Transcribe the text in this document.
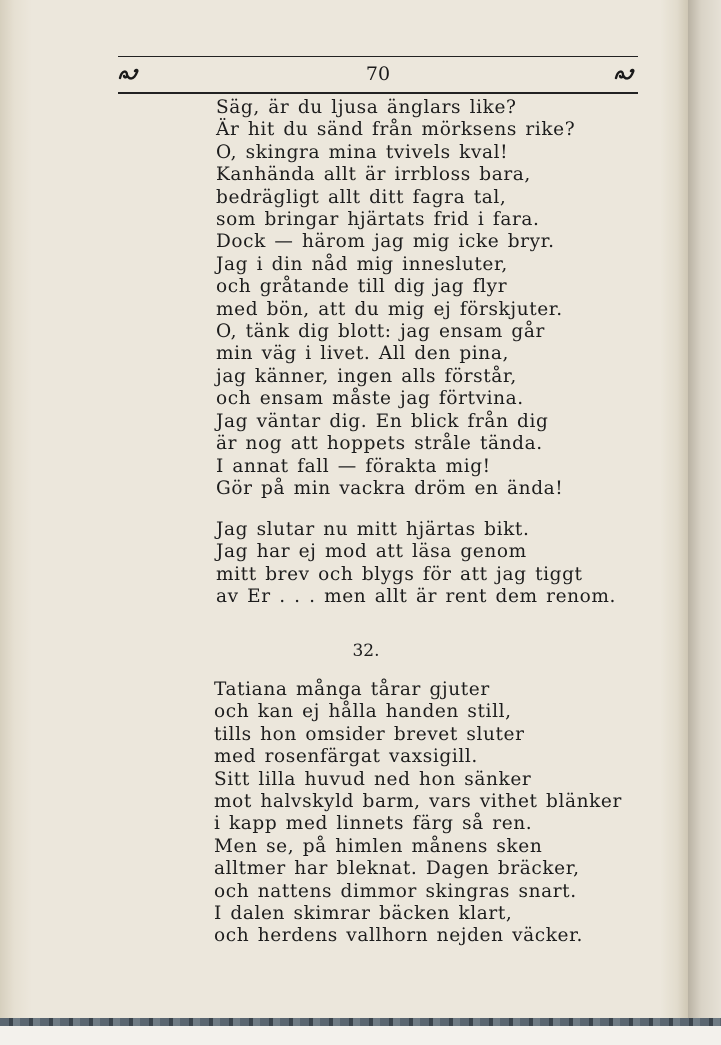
70
Säg, är du ljusa änglars like?
Är hit du sänd från mörksens rike?
O, skingra mina tvivels kval!
Kanhända allt är irrbloss bara,
bedrägligt allt ditt fagra tal,
som bringar hjärtats frid i fara.
Dock — härom jag mig icke bryr.
Jag i din nåd mig innesluter,
och gråtande till dig jag flyr
med bön, att du mig ej förskjuter.
O, tänk dig blott: jag ensam går
min väg i livet. All den pina,
jag känner, ingen alls förstår,
och ensam måste jag förtvina.
Jag väntar dig. En blick från dig
är nog att hoppets stråle tända.
I annat fall — förakta mig!
Gör på min vackra dröm en ända!
Jag slutar nu mitt hjärtas bikt.
Jag har ej mod att läsa genom
mitt brev och blygs för att jag tiggt
av Er . . . men allt är rent dem renom.
32.
Tatiana många tårar gjuter
och kan ej hålla handen still,
tills hon omsider brevet sluter
med rosenfärgat vaxsigill.
Sitt lilla huvud ned hon sänker
mot halvskyld barm, vars vithet blänker
i kapp med linnets färg så ren.
Men se, på himlen månens sken
alltmer har bleknat. Dagen bräcker,
och nattens dimmor skingras snart.
I dalen skimrar bäcken klart,
och herdens vallhorn nejden väcker.
